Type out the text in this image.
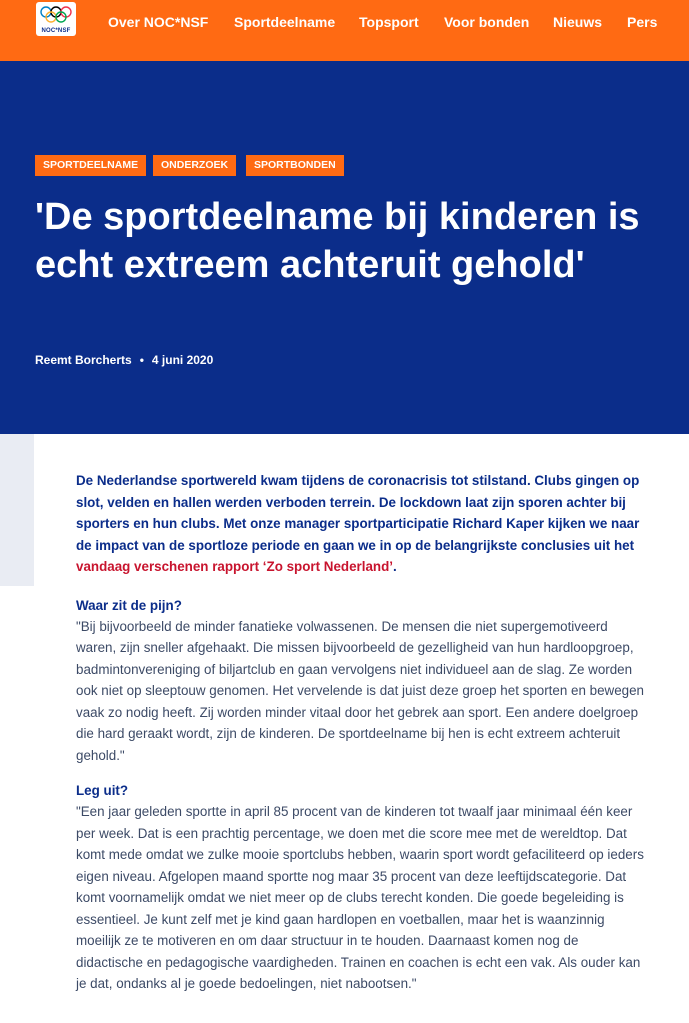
NOC*NSF
Over NOC*NSF Sportdeelname Topsport Voor bonden Nieuws Pers
SPORTDEELNAME	ONDERZOEK	SPORTBONDEN
'De sportdeelname bij kinderen is echt extreem achteruit gehold'
Reemt Borcherts • 4 juni 2020

De Nederlandse sportwereld kwam tijdens de coronacrisis tot stilstand. Clubs gingen op slot, velden en hallen werden verboden terrein. De lockdown laat zijn sporen achter bij sporters en hun clubs. Met onze manager sportparticipatie Richard Kaper kijken we naar de impact van de sportloze periode en gaan we in op de belangrijkste conclusies uit het vandaag verschenen rapport ‘Zo sport Nederland’.

Waar zit de pijn?

"Bij bijvoorbeeld de minder fanatieke volwassenen. De mensen die niet supergemotiveerd waren, zijn sneller afgehaakt. Die missen bijvoorbeeld de gezelligheid van hun hardloopgroep, badmintonvereniging of biljartclub en gaan vervolgens niet individueel aan de slag. Ze worden ook niet op sleeptouw genomen. Het vervelende is dat juist deze groep het sporten en bewegen vaak zo nodig heeft. Zij worden minder vitaal door het gebrek aan sport. Een andere doelgroep die hard geraakt wordt, zijn de kinderen. De sportdeelname bij hen is echt extreem achteruit gehold."

Leg uit?

"Een jaar geleden sportte in april 85 procent van de kinderen tot twaalf jaar minimaal één keer per week. Dat is een prachtig percentage, we doen met die score mee met de wereldtop. Dat komt mede omdat we zulke mooie sportclubs hebben, waarin sport wordt gefaciliteerd op ieders eigen niveau. Afgelopen maand sportte nog maar 35 procent van deze leeftijdscategorie. Dat komt voornamelijk omdat we niet meer op de clubs terecht konden. Die goede begeleiding is essentieel. Je kunt zelf met je kind gaan hardlopen en voetballen, maar het is waanzinnig moeilijk ze te motiveren en om daar structuur in te houden. Daarnaast komen nog de didactische en pedagogische vaardigheden. Trainen en coachen is echt een vak. Als ouder kan je dat, ondanks al je goede bedoelingen, niet nabootsen."
